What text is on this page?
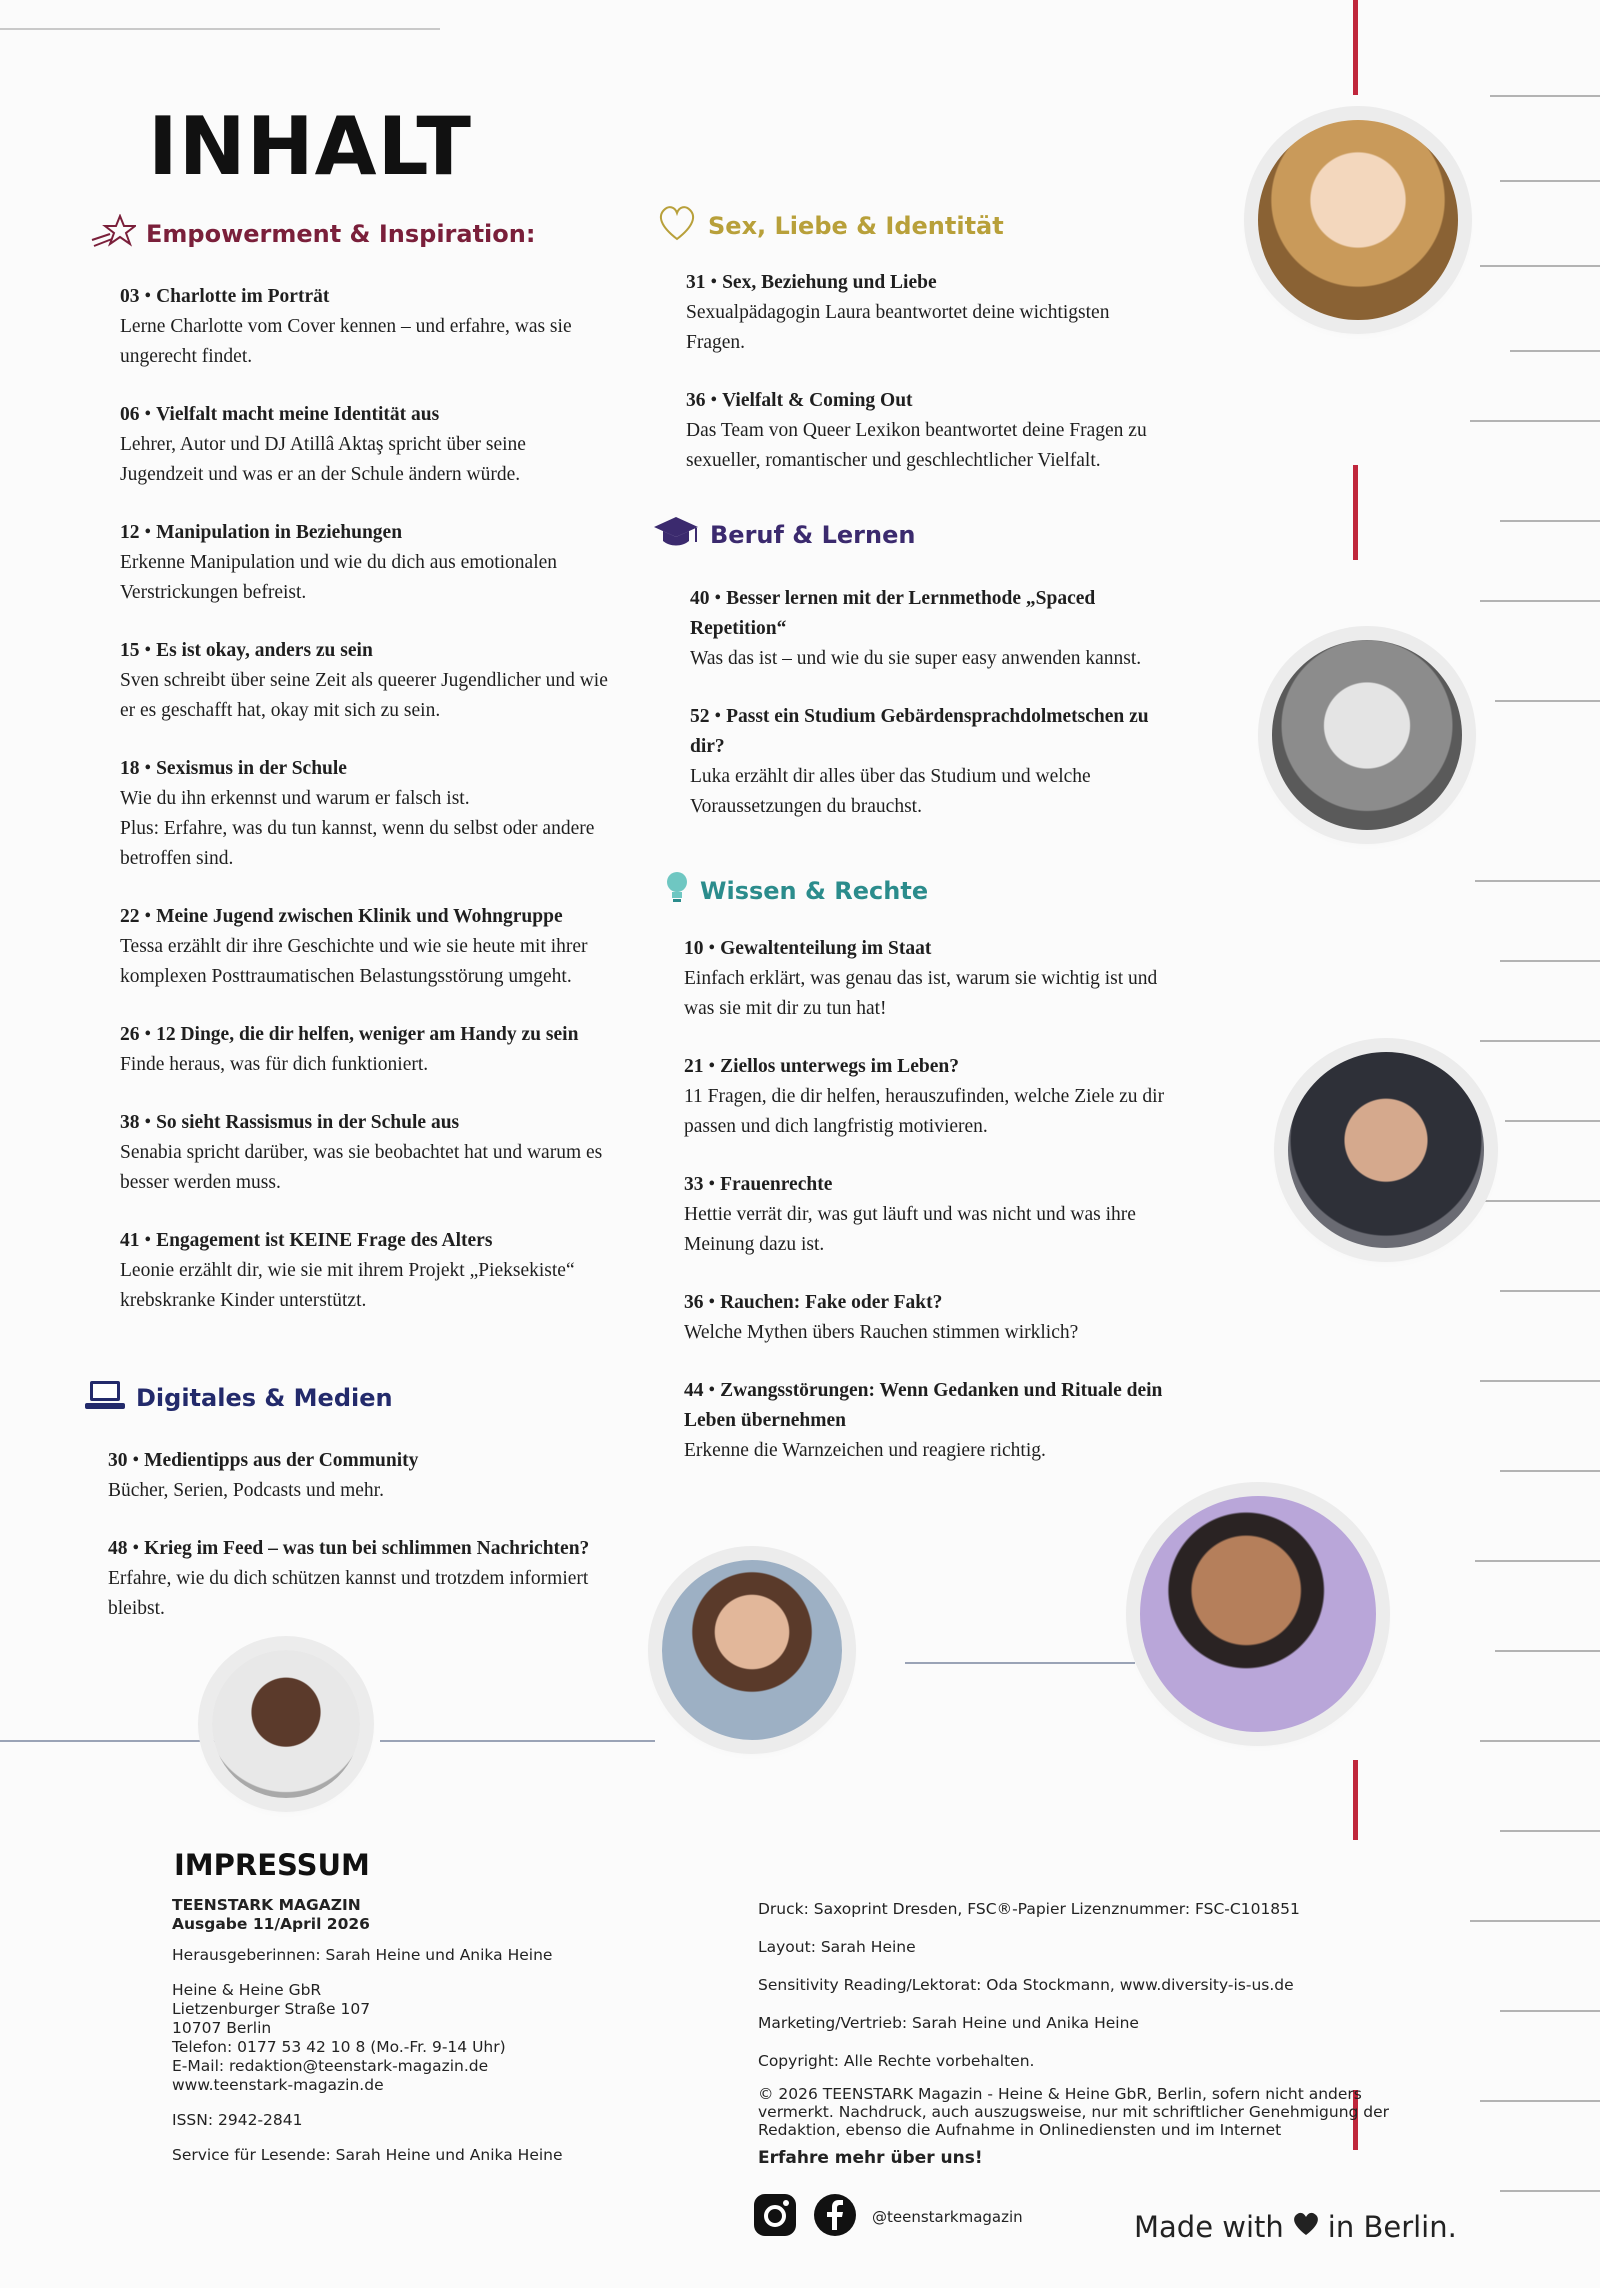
INHALT
Empowerment & Inspiration:
03 • Charlotte im Porträt
Lerne Charlotte vom Cover kennen – und erfahre, was sie
ungerecht findet.
06 • Vielfalt macht meine Identität aus
Lehrer, Autor und DJ Atillâ Aktaş spricht über seine
Jugendzeit und was er an der Schule ändern würde.
12 • Manipulation in Beziehungen
Erkenne Manipulation und wie du dich aus emotionalen
Verstrickungen befreist.
15 • Es ist okay, anders zu sein
Sven schreibt über seine Zeit als queerer Jugendlicher und wie
er es geschafft hat, okay mit sich zu sein.
18 • Sexismus in der Schule
Wie du ihn erkennst und warum er falsch ist.
Plus: Erfahre, was du tun kannst, wenn du selbst oder andere
betroffen sind.
22 • Meine Jugend zwischen Klinik und Wohngruppe
Tessa erzählt dir ihre Geschichte und wie sie heute mit ihrer
komplexen Posttraumatischen Belastungsstörung umgeht.
26 • 12 Dinge, die dir helfen, weniger am Handy zu sein
Finde heraus, was für dich funktioniert.
38 • So sieht Rassismus in der Schule aus
Senabia spricht darüber, was sie beobachtet hat und warum es
besser werden muss.
41 • Engagement ist KEINE Frage des Alters
Leonie erzählt dir, wie sie mit ihrem Projekt „Pieksekiste“
krebskranke Kinder unterstützt.
Digitales & Medien
30 • Medientipps aus der Community
Bücher, Serien, Podcasts und mehr.
48 • Krieg im Feed – was tun bei schlimmen Nachrichten?
Erfahre, wie du dich schützen kannst und trotzdem informiert
bleibst.
Sex, Liebe & Identität
31 • Sex, Beziehung und Liebe
Sexualpädagogin Laura beantwortet deine wichtigsten
Fragen.
36 • Vielfalt & Coming Out
Das Team von Queer Lexikon beantwortet deine Fragen zu
sexueller, romantischer und geschlechtlicher Vielfalt.
Beruf & Lernen
40 • Besser lernen mit der Lernmethode „Spaced
Repetition“
Was das ist – und wie du sie super easy anwenden kannst.
52 • Passt ein Studium Gebärdensprachdolmetschen zu
dir?
Luka erzählt dir alles über das Studium und welche
Voraussetzungen du brauchst.
Wissen & Rechte
10 • Gewaltenteilung im Staat
Einfach erklärt, was genau das ist, warum sie wichtig ist und
was sie mit dir zu tun hat!
21 • Ziellos unterwegs im Leben?
11 Fragen, die dir helfen, herauszufinden, welche Ziele zu dir
passen und dich langfristig motivieren.
33 • Frauenrechte
Hettie verrät dir, was gut läuft und was nicht und was ihre
Meinung dazu ist.
36 • Rauchen: Fake oder Fakt?
Welche Mythen übers Rauchen stimmen wirklich?
44 • Zwangsstörungen: Wenn Gedanken und Rituale dein
Leben übernehmen
Erkenne die Warnzeichen und reagiere richtig.
IMPRESSUM
TEENSTARK MAGAZIN
Ausgabe 11/April 2026
Herausgeberinnen: Sarah Heine und Anika Heine
Heine & Heine GbR
Lietzenburger Straße 107
10707 Berlin
Telefon: 0177 53 42 10 8 (Mo.-Fr. 9-14 Uhr)
E-Mail: redaktion@teenstark-magazin.de
www.teenstark-magazin.de
ISSN: 2942-2841
Service für Lesende: Sarah Heine und Anika Heine
Druck: Saxoprint Dresden, FSC®-Papier Lizenznummer: FSC-C101851
Layout: Sarah Heine
Sensitivity Reading/Lektorat: Oda Stockmann, www.diversity-is-us.de
Marketing/Vertrieb: Sarah Heine und Anika Heine
Copyright: Alle Rechte vorbehalten.
© 2026 TEENSTARK Magazin - Heine & Heine GbR, Berlin, sofern nicht anders
vermerkt. Nachdruck, auch auszugsweise, nur mit schriftlicher Genehmigung der
Redaktion, ebenso die Aufnahme in Onlinediensten und im Internet
Erfahre mehr über uns!
@teenstarkmagazin	Made with in Berlin.
